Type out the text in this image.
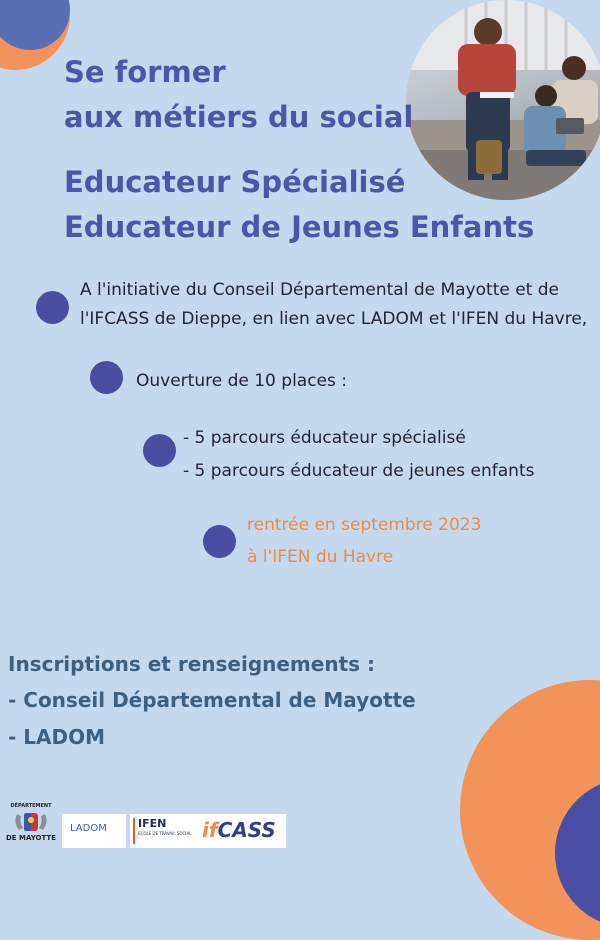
Se former
aux métiers du social
Educateur Spécialisé
Educateur de Jeunes Enfants

A l'initiative du Conseil Départemental de Mayotte et de

l'IFCASS de Dieppe, en lien avec LADOM et l'IFEN du Havre,

Ouverture de 10 places :

- 5 parcours éducateur spécialisé

- 5 parcours éducateur de jeunes enfants

rentrée en septembre 2023

à l'IFEN du Havre

Inscriptions et renseignements :

- Conseil Départemental de Mayotte

- LADOM

DÉPARTEMENT
DE MAYOTTE
LADOM	IFEN
ECOLE DE TRAVAIL SOCIAL ifCASS
